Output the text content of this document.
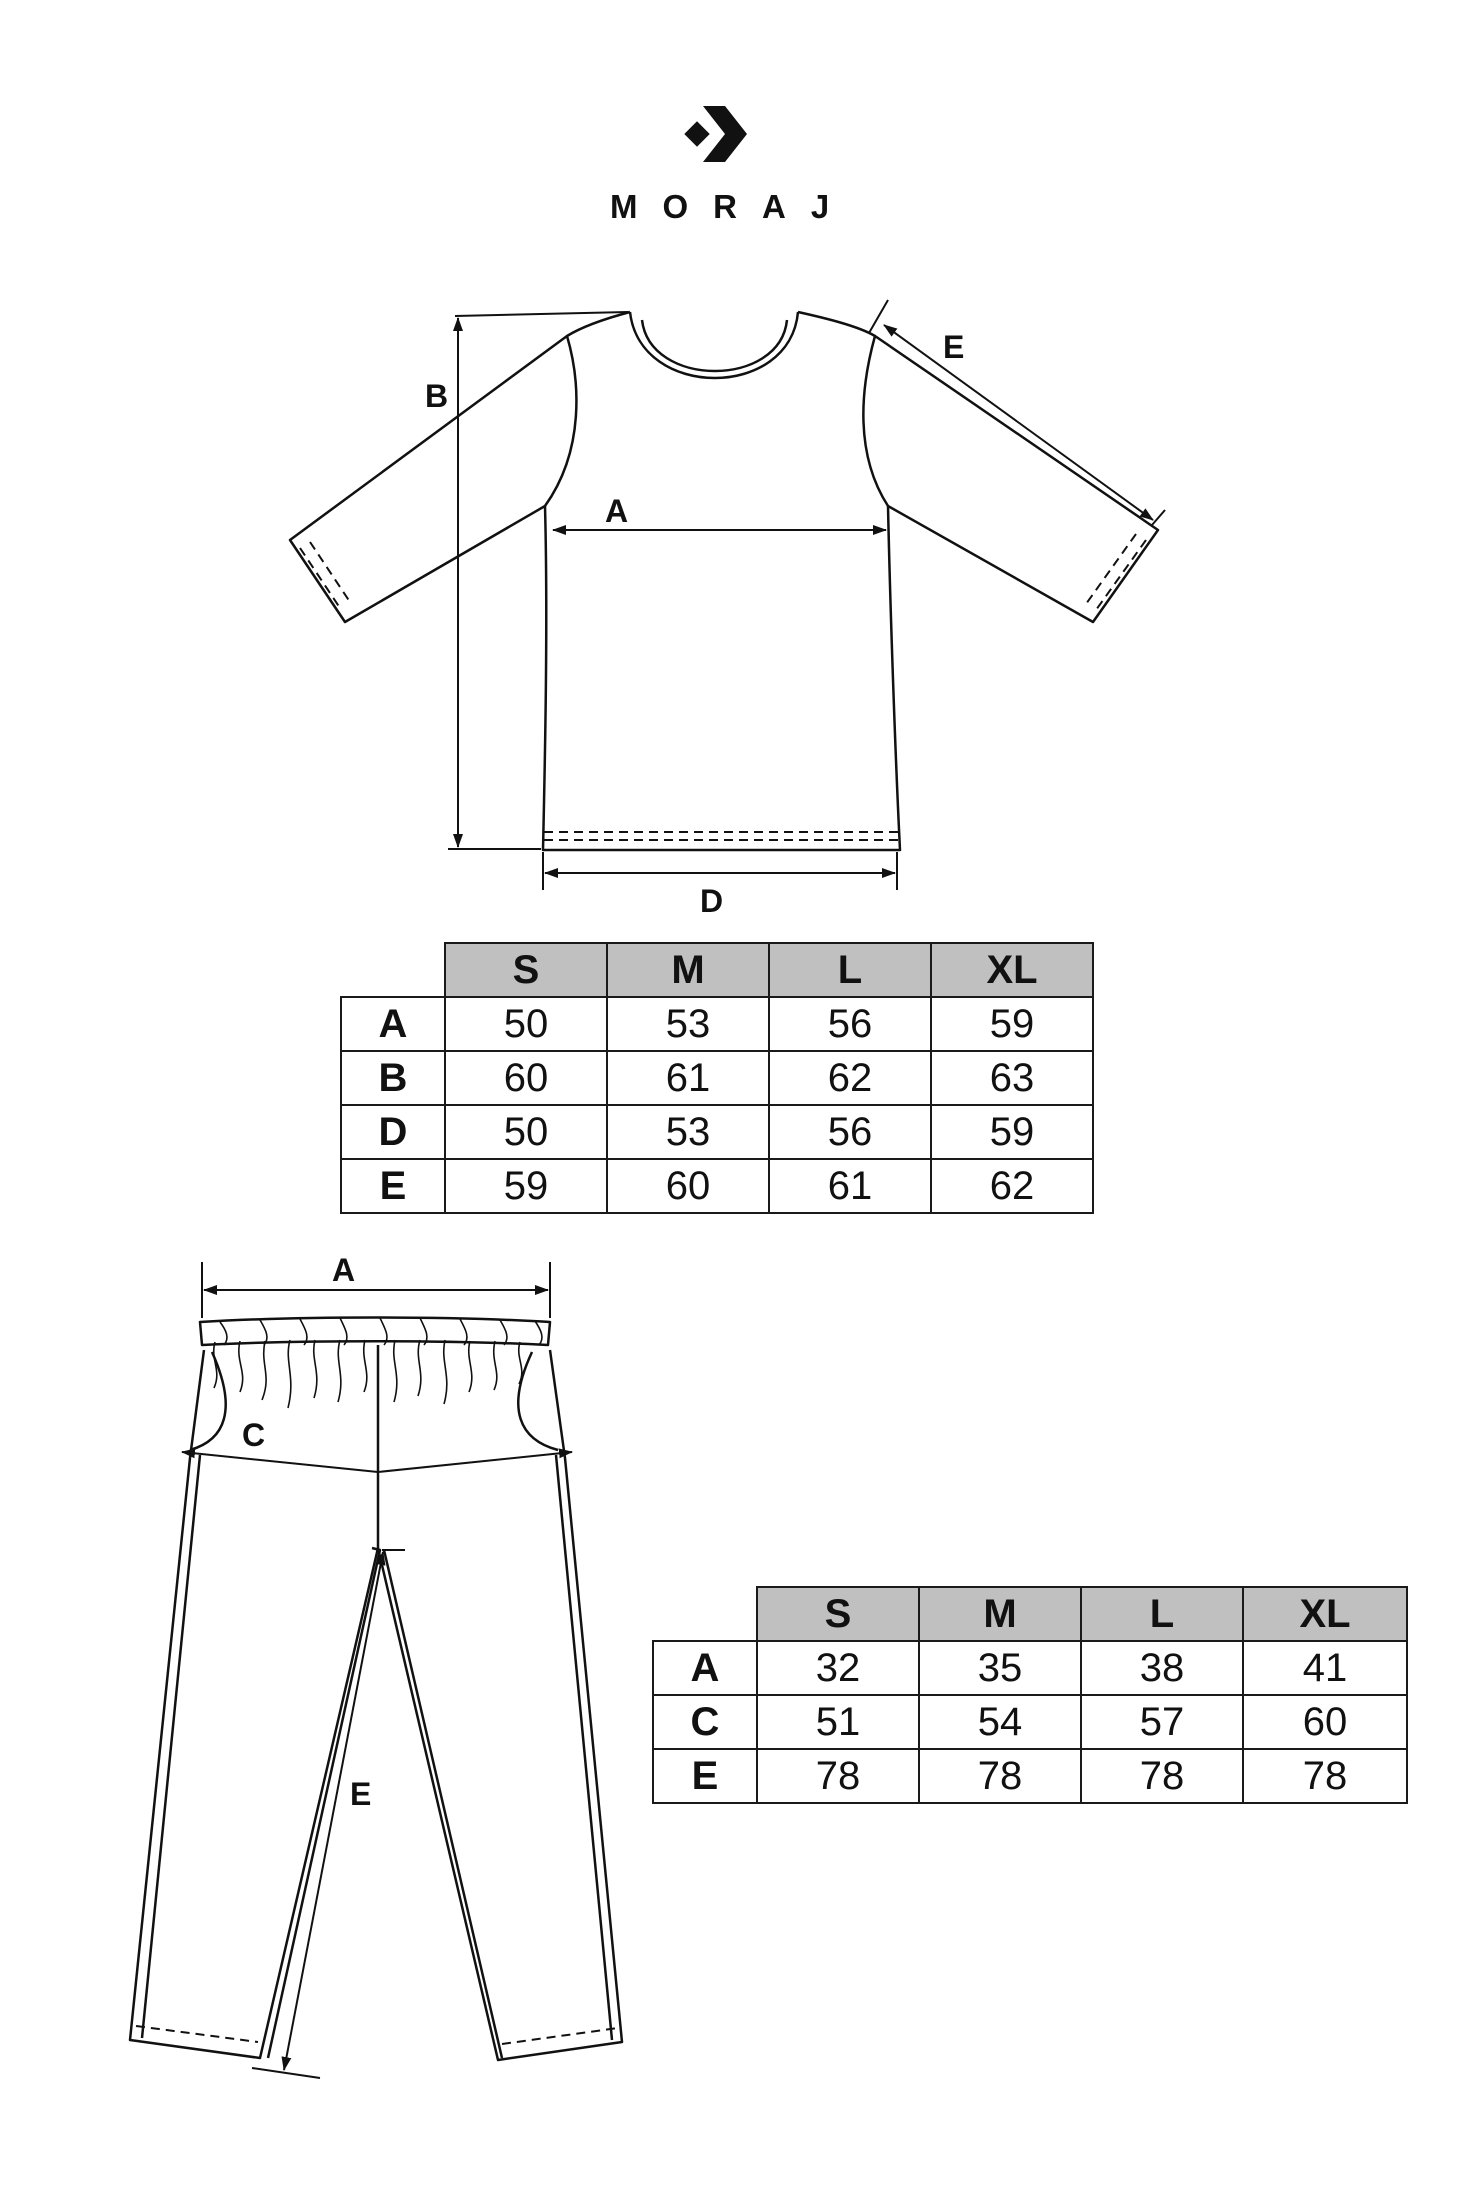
MORAJ
A
B
D
E
A
C
E
	S	M	L	XL
A	50	53	56	59
B	60	61	62	63
D	50	53	56	59
E	59	60	61	62
	S	M	L	XL
A	32	35	38	41
C	51	54	57	60
E	78	78	78	78
